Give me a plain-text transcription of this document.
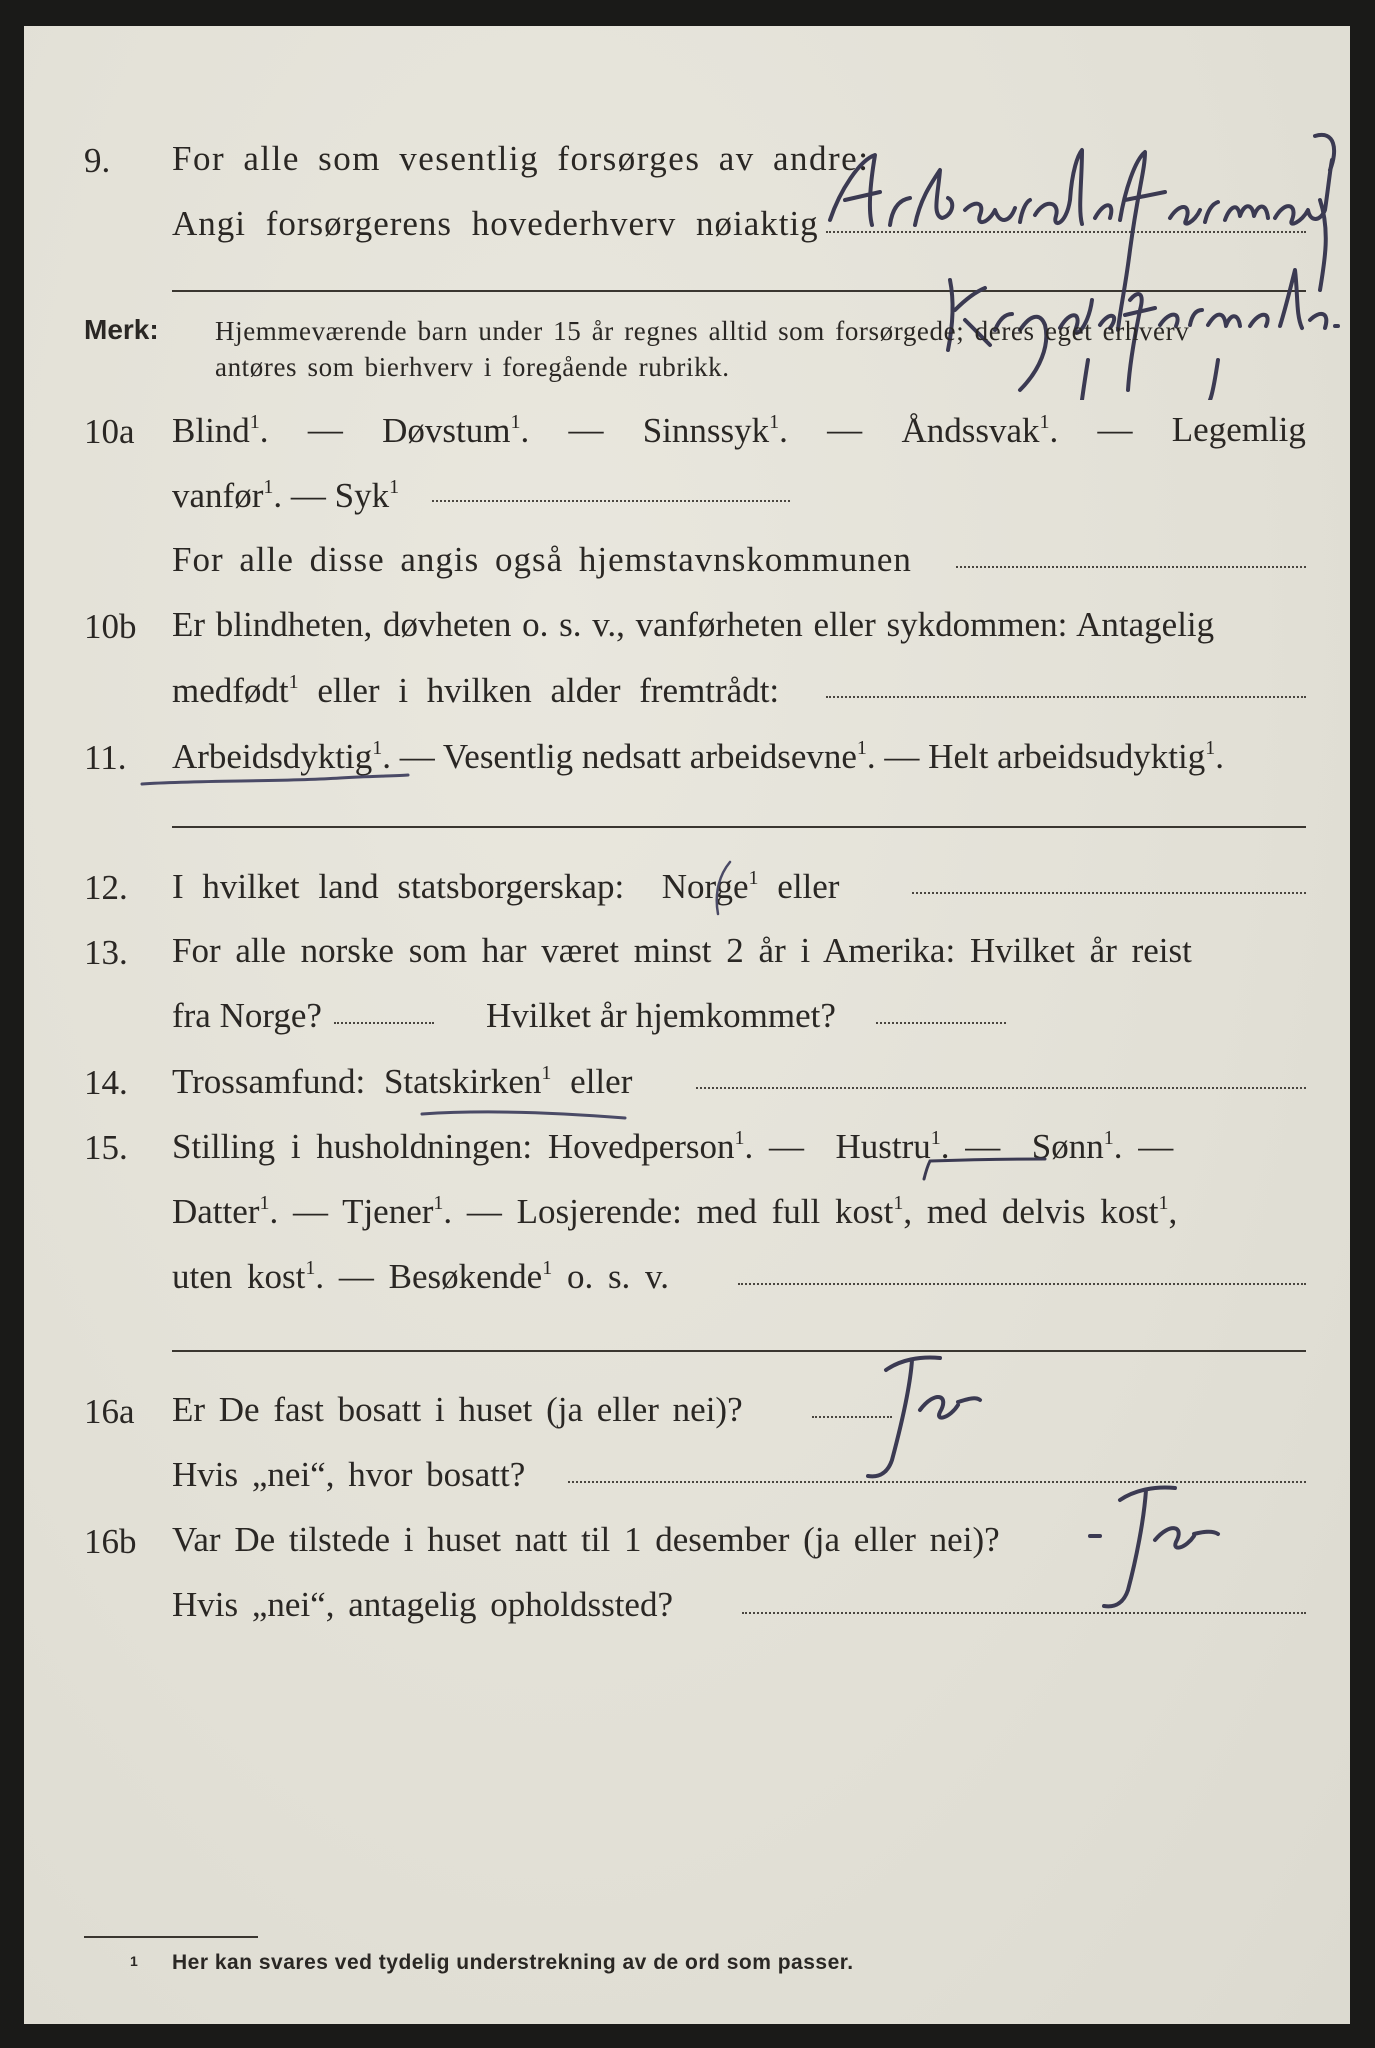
9. For alle som vesentlig forsørges av andre:
Angi forsørgerens hovederhverv nøiaktig
Merk: Hjemmeværende barn under 15 år regnes alltid som forsørgede; deres eget erhverv
antøres som bierhverv i foregående rubrikk.
10a Blind$^1$. — Døvstum$^1$. — Sinnssyk$^1$. — Åndssvak$^1$. — Legemlig
vanfør$^1$. — Syk$^1$
For alle disse angis også hjemstavnskommunen
10b Er blindheten, døvheten o. s. v., vanførheten eller sykdommen: Antagelig
medfødt$^1$ eller i hvilken alder fremtrådt:
11. Arbeidsdyktig$^1$. — Vesentlig nedsatt arbeidsevne$^1$. — Helt arbeidsudyktig$^1$.
12. I hvilket land statsborgerskap: Norge$^1$ eller
13. For alle norske som har været minst 2 år i Amerika: Hvilket år reist
fra Norge?	Hvilket år hjemkommet?
14. Trossamfund: Statskirken$^1$ eller
15. Stilling i husholdningen: Hovedperson$^1$. — Hustru$^1$. — Sønn$^1$. —
Datter$^1$. — Tjener$^1$. — Losjerende: med full kost$^1$, med delvis kost$^1$,
uten kost$^1$. — Besøkende$^1$ o. s. v.
16a Er De fast bosatt i huset (ja eller nei)?
Hvis „nei“, hvor bosatt?
16b Var De tilstede i huset natt til 1 desember (ja eller nei)?
Hvis „nei“, antagelig opholdssted?
1 Her kan svares ved tydelig understrekning av de ord som passer.
